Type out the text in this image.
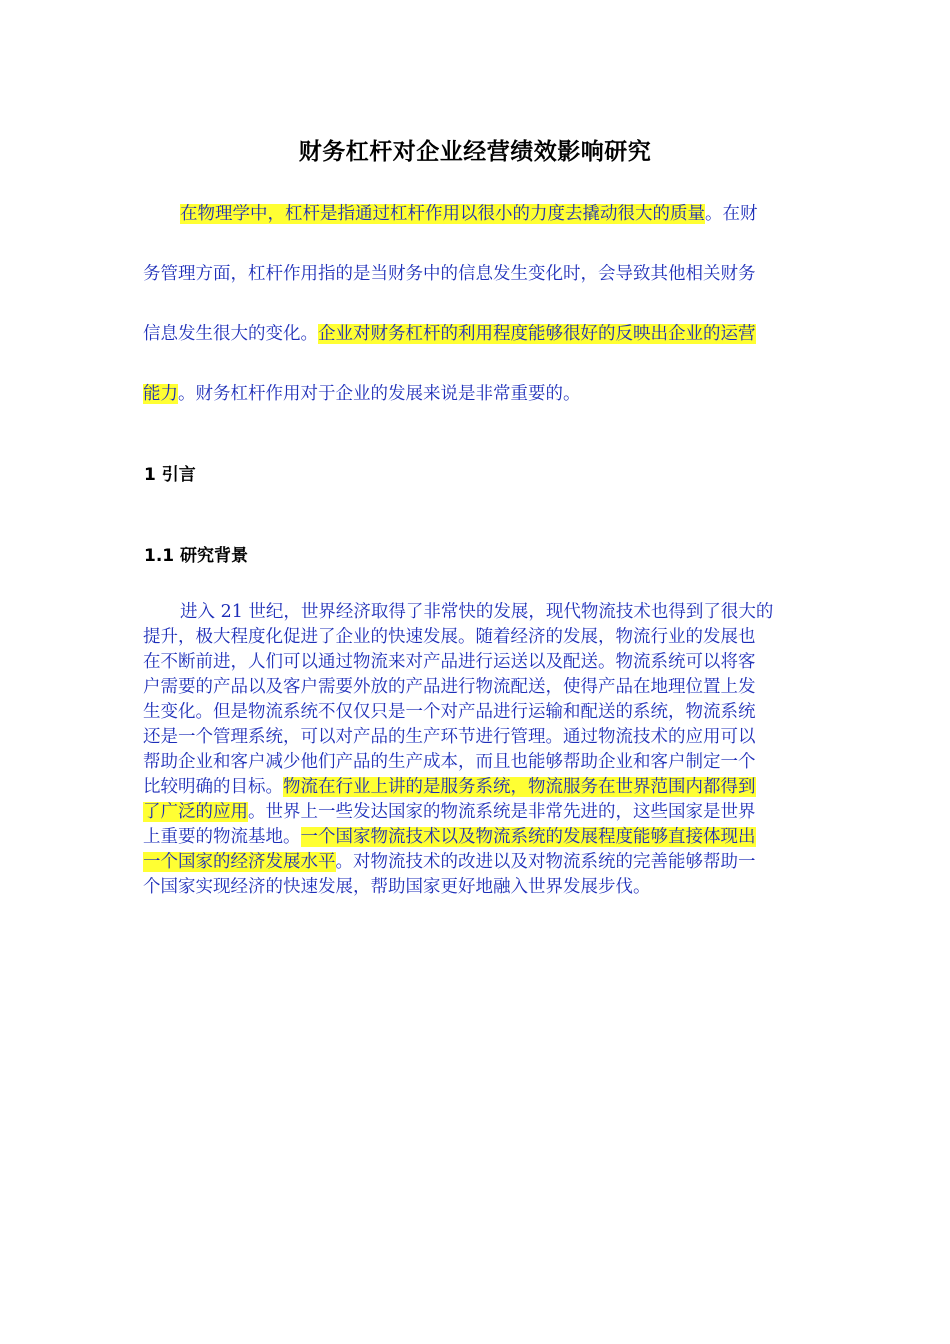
财务杠杆对企业经营绩效影响研究
在物理学中，杠杆是指通过杠杆作用以很小的力度去撬动很大的质量。在财
务管理方面，杠杆作用指的是当财务中的信息发生变化时，会导致其他相关财务
信息发生很大的变化。企业对财务杠杆的利用程度能够很好的反映出企业的运营
能力。财务杠杆作用对于企业的发展来说是非常重要的。
1 引言
1.1 研究背景
进入 21 世纪，世界经济取得了非常快的发展，现代物流技术也得到了很大的
提升，极大程度化促进了企业的快速发展。随着经济的发展，物流行业的发展也
在不断前进，人们可以通过物流来对产品进行运送以及配送。物流系统可以将客
户需要的产品以及客户需要外放的产品进行物流配送，使得产品在地理位置上发
生变化。但是物流系统不仅仅只是一个对产品进行运输和配送的系统，物流系统
还是一个管理系统，可以对产品的生产环节进行管理。通过物流技术的应用可以
帮助企业和客户减少他们产品的生产成本，而且也能够帮助企业和客户制定一个
比较明确的目标。物流在行业上讲的是服务系统，物流服务在世界范围内都得到
了广泛的应用。世界上一些发达国家的物流系统是非常先进的，这些国家是世界
上重要的物流基地。一个国家物流技术以及物流系统的发展程度能够直接体现出
一个国家的经济发展水平。对物流技术的改进以及对物流系统的完善能够帮助一
个国家实现经济的快速发展，帮助国家更好地融入世界发展步伐。
